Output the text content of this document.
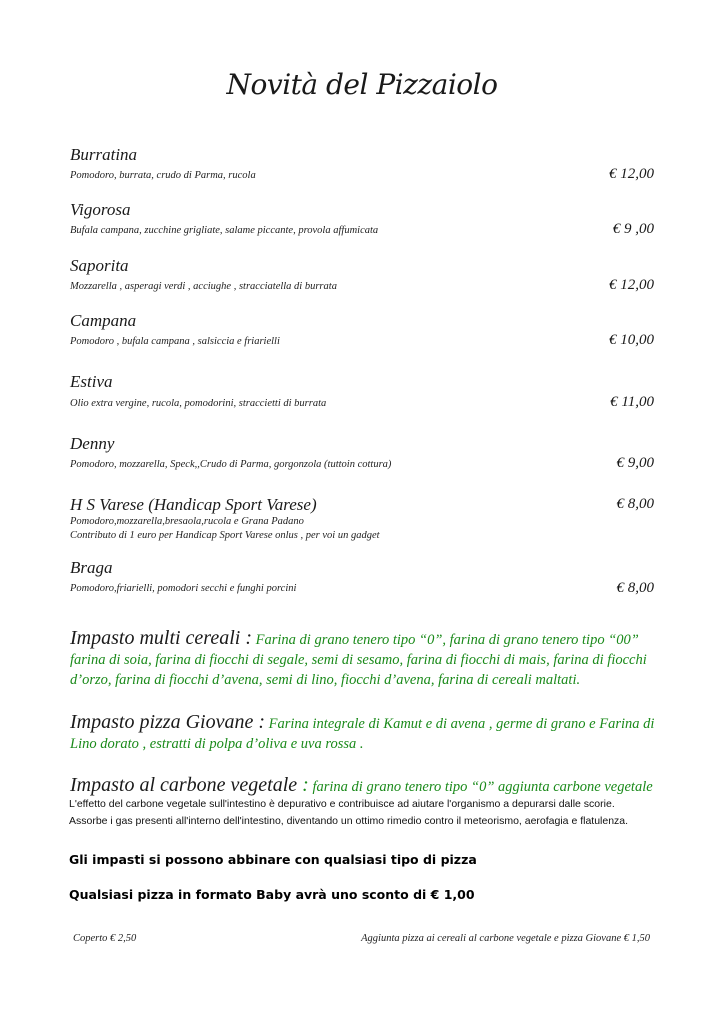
Novità del Pizzaiolo
Burratina
Pomodoro, burrata, crudo di Parma, rucola	€ 12,00
Vigorosa
Bufala campana, zucchine grigliate, salame piccante, provola affumicata	€ 9 ,00
Saporita
Mozzarella , asperagi verdi , acciughe , stracciatella di burrata	€ 12,00
Campana
Pomodoro , bufala campana , salsiccia e friarielli	€ 10,00
Estiva
Olio extra vergine, rucola, pomodorini, straccietti di burrata	€ 11,00
Denny
Pomodoro, mozzarella, Speck,,Crudo di Parma, gorgonzola (tuttoin cottura)	€ 9,00
H S Varese (Handicap Sport Varese)
Pomodoro,mozzarella,bresaola,rucola e Grana Padano
Contributo di 1 euro per Handicap Sport Varese onlus , per voi un gadget
€ 8,00
Braga
Pomodoro,friarielli, pomodori secchi e funghi porcini	€ 8,00
Impasto multi cereali : Farina di grano tenero tipo “0”, farina di grano tenero tipo “00” farina di soia, farina di fiocchi di segale, semi di sesamo, farina di fiocchi di mais, farina di fiocchi d’orzo, farina di fiocchi d’avena, semi di lino, fiocchi d’avena, farina di cereali maltati.
Impasto pizza Giovane : Farina integrale di Kamut e di avena , germe di grano e Farina di Lino dorato , estratti di polpa d’oliva e uva rossa .
Impasto al carbone vegetale : farina di grano tenero tipo “0” aggiunta carbone vegetale
L'effetto del carbone vegetale sull'intestino è depurativo e contribuisce ad aiutare l'organismo a depurarsi dalle scorie.
Assorbe i gas presenti all'interno dell'intestino, diventando un ottimo rimedio contro il meteorismo, aerofagia e flatulenza.
Gli impasti si possono abbinare con qualsiasi tipo di pizza
Qualsiasi pizza in formato Baby avrà uno sconto di € 1,00
Coperto € 2,50	Aggiunta pizza ai cereali al carbone vegetale e pizza Giovane € 1,50
